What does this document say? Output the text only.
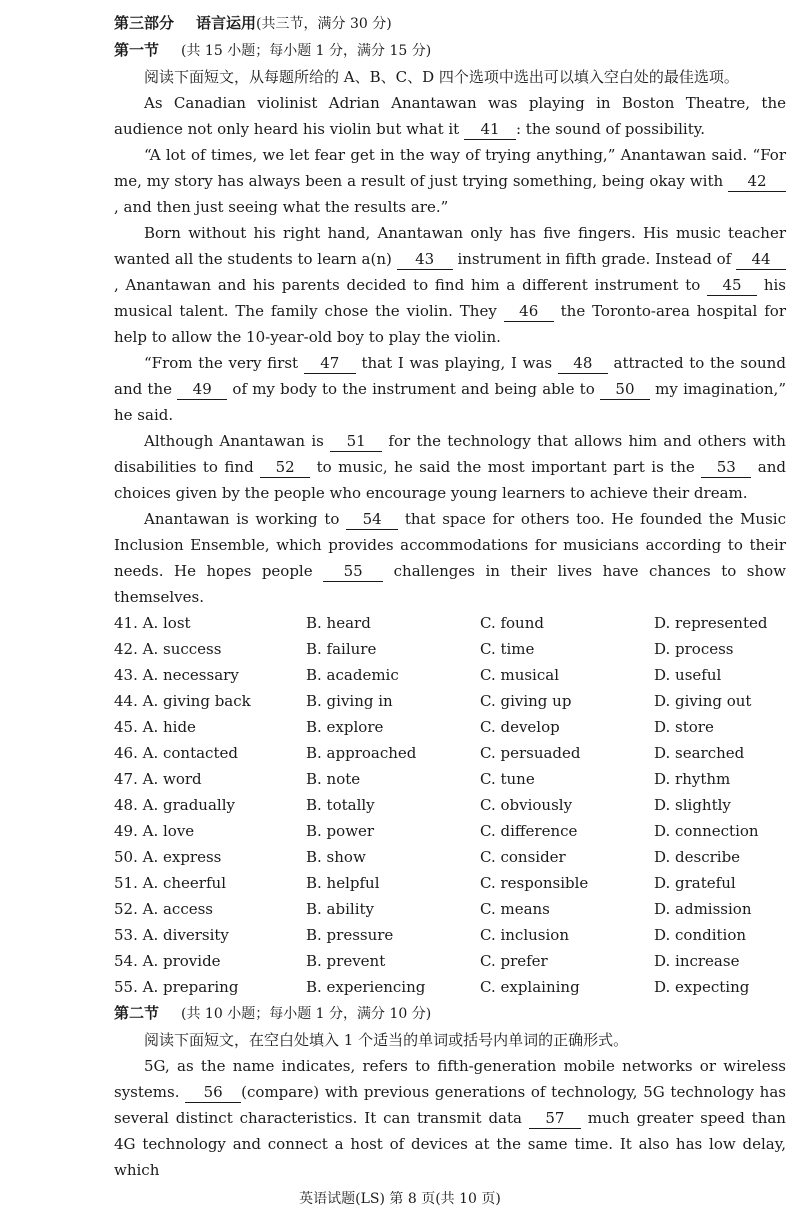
第三部分 语言运用(共三节，满分 30 分)
第一节 (共 15 小题；每小题 1 分，满分 15 分)

阅读下面短文，从每题所给的 A、B、C、D 四个选项中选出可以填入空白处的最佳选项。

As Canadian violinist Adrian Anantawan was playing in Boston Theatre, the audience not only heard his violin but what it 41 : the sound of possibility.

“A lot of times, we let fear get in the way of trying anything,” Anantawan said. “For me, my story has always been a result of just trying something, being okay with 42, and then just seeing what the results are.”

Born without his right hand, Anantawan only has five fingers. His music teacher wanted all the students to learn a(n) 43 instrument in fifth grade. Instead of 44, Anantawan and his parents decided to find him a different instrument to 45 his musical talent. The family chose the violin. They 46 the Toronto-area hospital for help to allow the 10-year-old boy to play the violin.

“From the very first 47 that I was playing, I was 48 attracted to the sound and the 49 of my body to the instrument and being able to 50 my imagination,” he said.

Although Anantawan is 51 for the technology that allows him and others with disabilities to find 52 to music, he said the most important part is the 53 and choices given by the people who encourage young learners to achieve their dream.

Anantawan is working to 54 that space for others too. He founded the Music Inclusion Ensemble, which provides accommodations for musicians according to their needs. He hopes people 55 challenges in their lives have chances to show themselves.

41. A. lost	B. heard	C. found	D. represented
42. A. success	B. failure	C. time	D. process
43. A. necessary	B. academic	C. musical	D. useful
44. A. giving back	B. giving in	C. giving up	D. giving out
45. A. hide	B. explore	C. develop	D. store
46. A. contacted	B. approached	C. persuaded	D. searched
47. A. word	B. note	C. tune	D. rhythm
48. A. gradually	B. totally	C. obviously	D. slightly
49. A. love	B. power	C. difference	D. connection
50. A. express	B. show	C. consider	D. describe
51. A. cheerful	B. helpful	C. responsible	D. grateful
52. A. access	B. ability	C. means	D. admission
53. A. diversity	B. pressure	C. inclusion	D. condition
54. A. provide	B. prevent	C. prefer	D. increase
55. A. preparing	B. experiencing	C. explaining	D. expecting
第二节 (共 10 小题；每小题 1 分，满分 10 分)

阅读下面短文，在空白处填入 1 个适当的单词或括号内单词的正确形式。

5G, as the name indicates, refers to fifth-generation mobile networks or wireless systems. 56 (compare) with previous generations of technology, 5G technology has several distinct characteristics. It can transmit data 57 much greater speed than 4G technology and connect a host of devices at the same time. It also has low delay, which

英语试题(LS) 第 8 页(共 10 页)
